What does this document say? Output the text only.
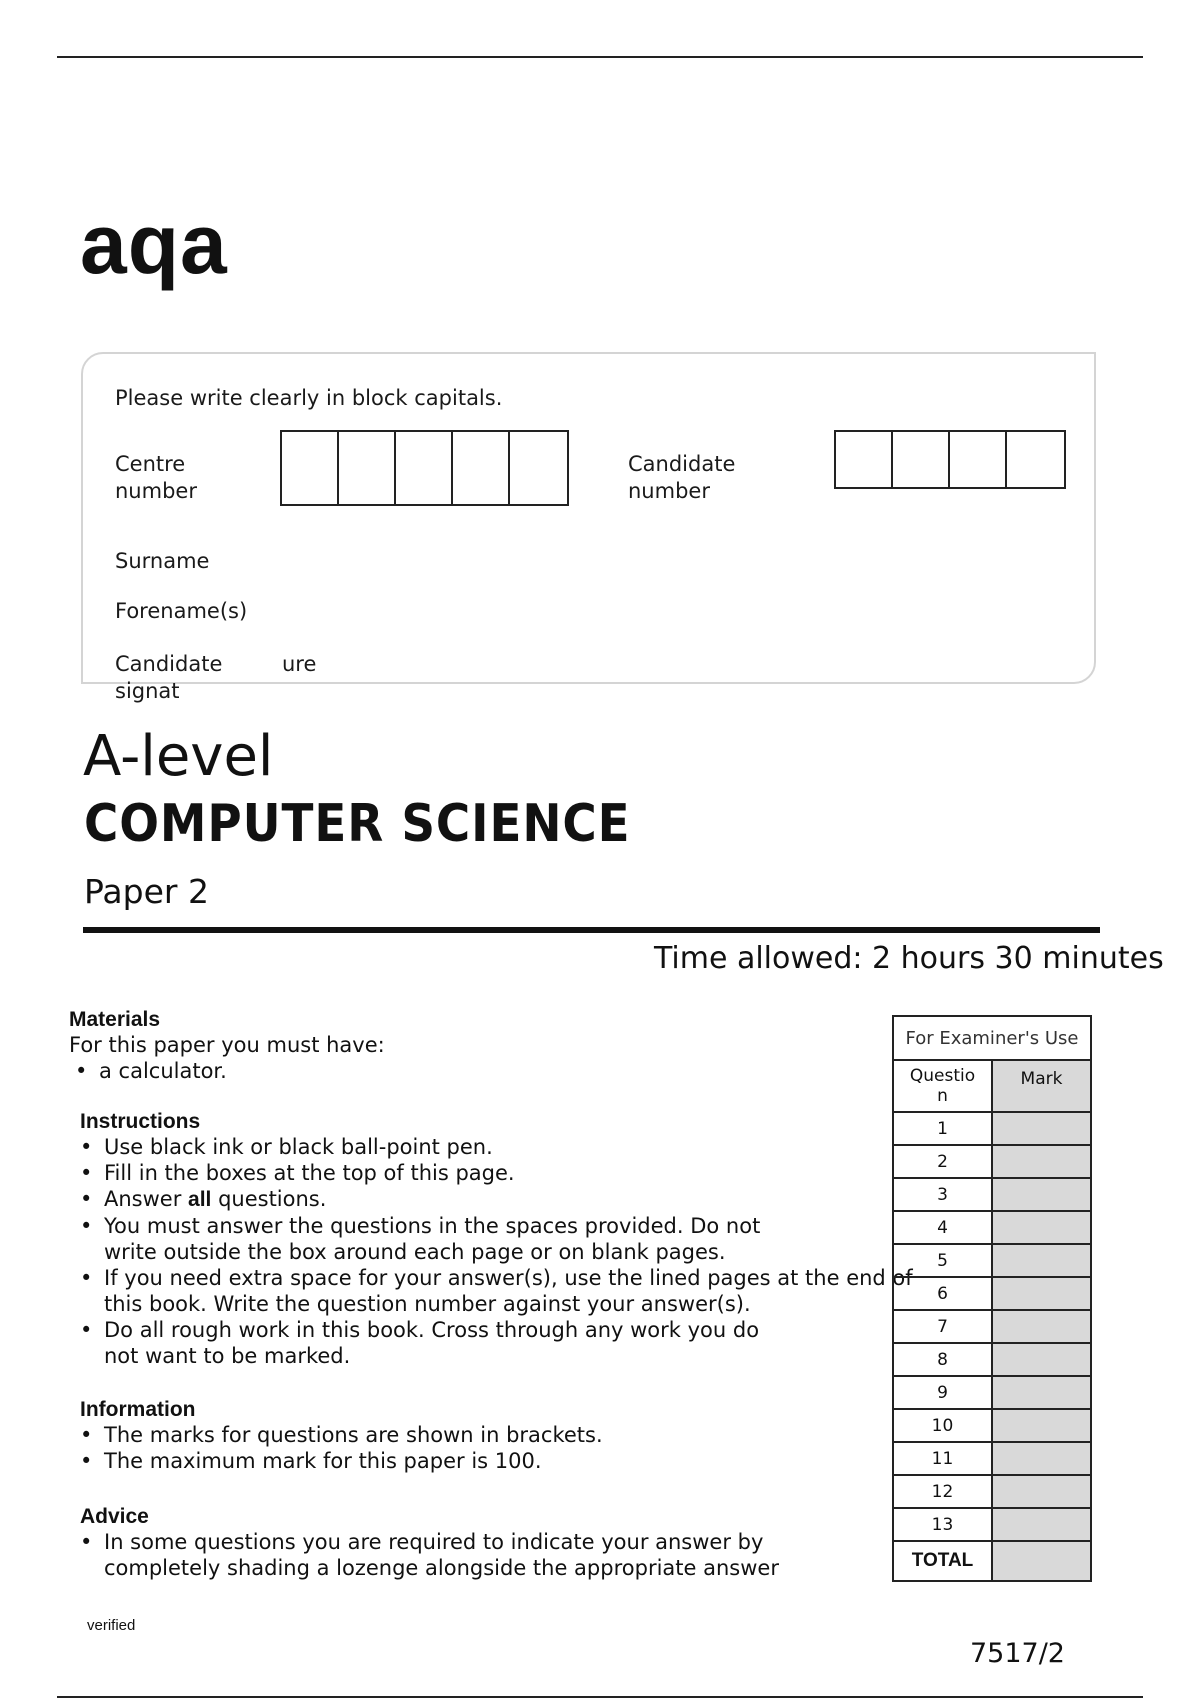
aqa
Please write clearly in block capitals.
Centre
number
Candidate
number
Surname
Forename(s)
Candidate
signat
ure
A-level
COMPUTER SCIENCE
Paper 2
Time allowed: 2 hours 30 minutes
Materials
For this paper you must have:
• a calculator.
Instructions
• Use black ink or black ball-point pen.
• Fill in the boxes at the top of this page.
• Answer all questions.
• You must answer the questions in the spaces provided. Do not
write outside the box around each page or on blank pages.
• If you need extra space for your answer(s), use the lined pages at the end of
this book. Write the question number against your answer(s).
• Do all rough work in this book. Cross through any work you do
not want to be marked.
Information
• The marks for questions are shown in brackets.
• The maximum mark for this paper is 100.
Advice
• In some questions you are required to indicate your answer by
completely shading a lozenge alongside the appropriate answer
For Examiner's Use	
Questio
n	Mark
1	
2	
3	
4	
5	
6	
7	
8	
9	
10	
11	
12	
13	
TOTAL	
verified
7517/2
